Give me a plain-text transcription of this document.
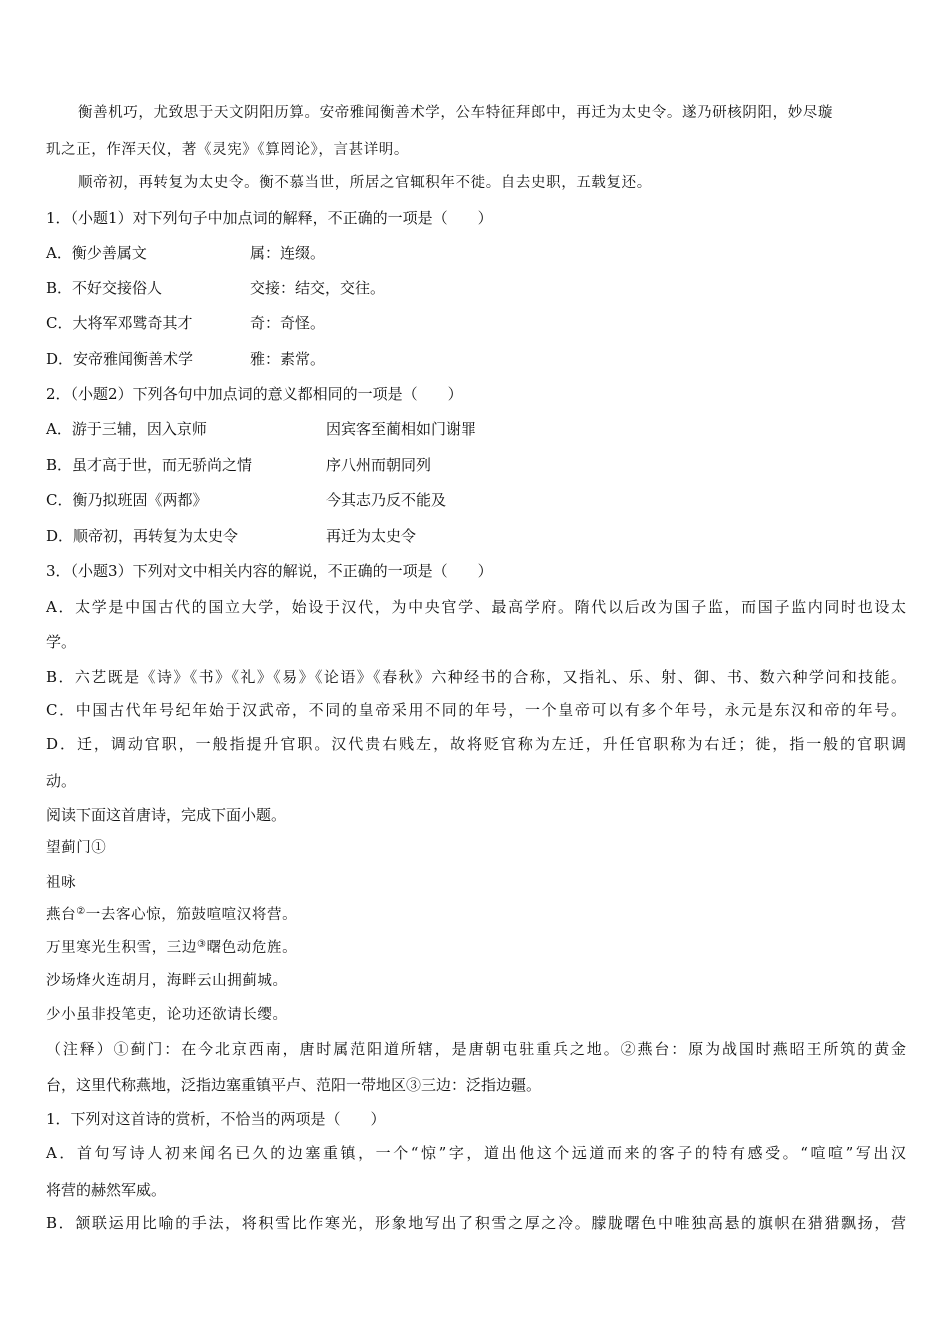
衡善机巧，尤致思于天文阴阳历算。安帝雅闻衡善术学，公车特征拜郎中，再迁为太史令。遂乃研核阴阳，妙尽璇
玑之正，作浑天仪，著《灵宪》《算罔论》，言甚详明。
顺帝初，再转复为太史令。衡不慕当世，所居之官辄积年不徙。自去史职，五载复还。
1．（小题1）对下列句子中加点词的解释，不正确的一项是（　　）
A．衡少善属文	属：连缀。
B．不好交接俗人	交接：结交，交往。
C．大将军邓骘奇其才	奇：奇怪。
D．安帝雅闻衡善术学	雅：素常。
2．（小题2）下列各句中加点词的意义都相同的一项是（　　）
A．游于三辅，因入京师	因宾客至蔺相如门谢罪
B．虽才高于世，而无骄尚之情	序八州而朝同列
C．衡乃拟班固《两都》	今其志乃反不能及
D．顺帝初，再转复为太史令	再迁为太史令
3．（小题3）下列对文中相关内容的解说，不正确的一项是（　　）
A．太学是中国古代的国立大学，始设于汉代，为中央官学、最高学府。隋代以后改为国子监，而国子监内同时也设太
学。
B．六艺既是《诗》《书》《礼》《易》《论语》《春秋》六种经书的合称，又指礼、乐、射、御、书、数六种学问和技能。
C．中国古代年号纪年始于汉武帝，不同的皇帝采用不同的年号，一个皇帝可以有多个年号，永元是东汉和帝的年号。
D．迁，调动官职，一般指提升官职。汉代贵右贱左，故将贬官称为左迁，升任官职称为右迁；徙，指一般的官职调
动。
阅读下面这首唐诗，完成下面小题。
望蓟门①
祖咏
燕台②一去客心惊，笳鼓喧喧汉将营。
万里寒光生积雪，三边③曙色动危旌。
沙场烽火连胡月，海畔云山拥蓟城。
少小虽非投笔吏，论功还欲请长缨。
（注释）①蓟门：在今北京西南，唐时属范阳道所辖，是唐朝屯驻重兵之地。②燕台：原为战国时燕昭王所筑的黄金
台，这里代称燕地，泛指边塞重镇平卢、范阳一带地区③三边：泛指边疆。
1．下列对这首诗的赏析，不恰当的两项是（　　）
A．首句写诗人初来闻名已久的边塞重镇，一个“惊”字，道出他这个远道而来的客子的特有感受。“喧喧”写出汉
将营的赫然军威。
B．颔联运用比喻的手法，将积雪比作寒光，形象地写出了积雪之厚之冷。朦胧曙色中唯独高悬的旗帜在猎猎飘扬，营
